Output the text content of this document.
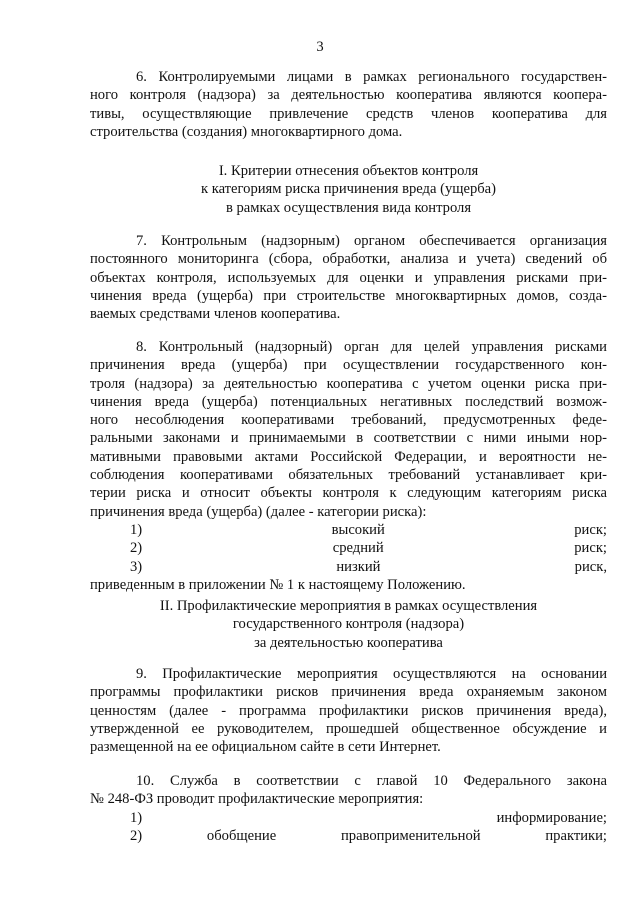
3

6. Контролируемыми лицами в рамках регионального государствен-

ного контроля (надзора) за деятельностью кооператива являются коопера-

тивы, осуществляющие привлечение средств членов кооператива для

строительства (создания) многоквартирного дома.

I. Критерии отнесения объектов контроля

к категориям риска причинения вреда (ущерба)

в рамках осуществления вида контроля

7. Контрольным (надзорным) органом обеспечивается организация

постоянного мониторинга (сбора, обработки, анализа и учета) сведений об

объектах контроля, используемых для оценки и управления рисками при-

чинения вреда (ущерба) при строительстве многоквартирных домов, созда-

ваемых средствами членов кооператива.

8. Контрольный (надзорный) орган для целей управления рисками

причинения вреда (ущерба) при осуществлении государственного кон-

троля (надзора) за деятельностью кооператива с учетом оценки риска при-

чинения вреда (ущерба) потенциальных негативных последствий возмож-

ного несоблюдения кооперативами требований, предусмотренных феде-

ральными законами и принимаемыми в соответствии с ними иными нор-

мативными правовыми актами Российской Федерации, и вероятности не-

соблюдения кооперативами обязательных требований устанавливает кри-

терии риска и относит объекты контроля к следующим категориям риска

причинения вреда (ущерба) (далее - категории риска):

1) высокий риск;

2) средний риск;

3) низкий риск,

приведенным в приложении № 1 к настоящему Положению.

II. Профилактические мероприятия в рамках осуществления

государственного контроля (надзора)

за деятельностью кооператива

9. Профилактические мероприятия осуществляются на основании

программы профилактики рисков причинения вреда охраняемым законом

ценностям (далее - программа профилактики рисков причинения вреда),

утвержденной ее руководителем, прошедшей общественное обсуждение и

размещенной на ее официальном сайте в сети Интернет.

10. Служба в соответствии с главой 10 Федерального закона

№ 248-ФЗ проводит профилактические мероприятия:

1) информирование;

2) обобщение правоприменительной практики;
